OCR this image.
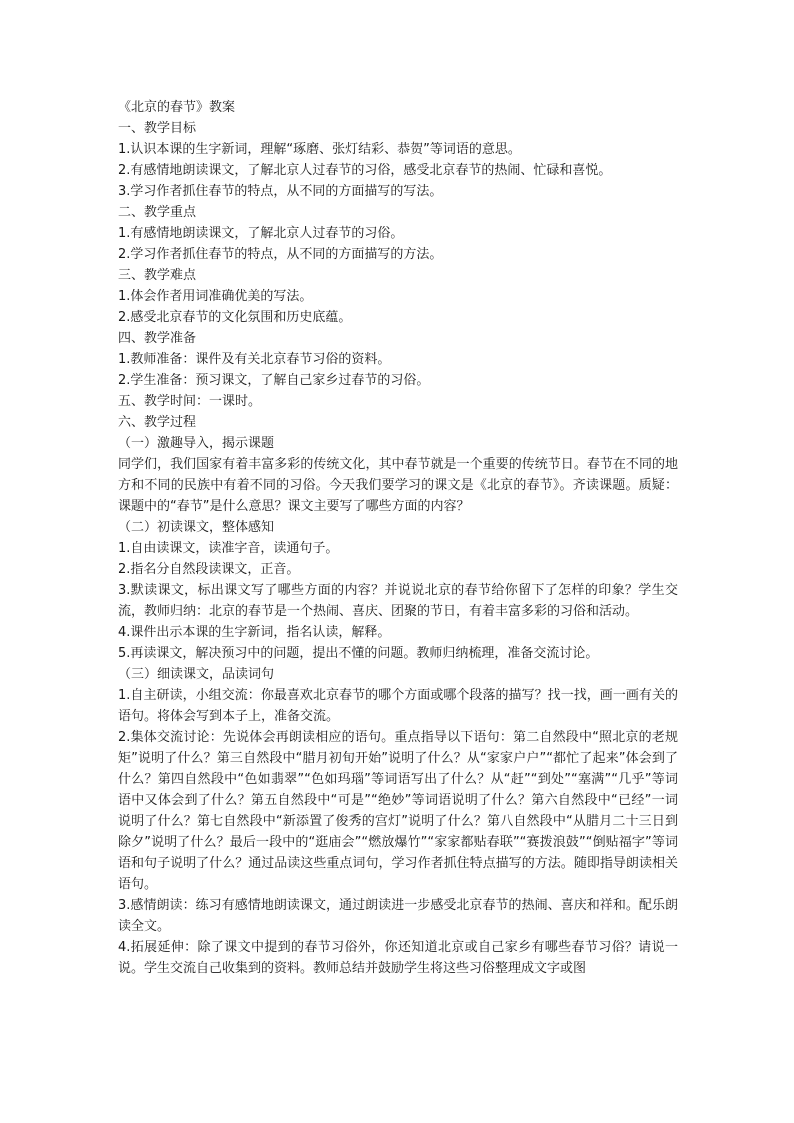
《北京的春节》教案
一、教学目标
1.认识本课的生字新词，理解“琢磨、张灯结彩、恭贺”等词语的意思。
2.有感情地朗读课文，了解北京人过春节的习俗，感受北京春节的热闹、忙碌和喜悦。
3.学习作者抓住春节的特点，从不同的方面描写的写法。
二、教学重点
1.有感情地朗读课文，了解北京人过春节的习俗。
2.学习作者抓住春节的特点，从不同的方面描写的方法。
三、教学难点
1.体会作者用词准确优美的写法。
2.感受北京春节的文化氛围和历史底蕴。
四、教学准备
1.教师准备：课件及有关北京春节习俗的资料。
2.学生准备：预习课文，了解自己家乡过春节的习俗。
五、教学时间：一课时。
六、教学过程
（一）激趣导入，揭示课题
同学们，我们国家有着丰富多彩的传统文化，其中春节就是一个重要的传统节日。春节在不同的地方和不同的民族中有着不同的习俗。今天我们要学习的课文是《北京的春节》。齐读课题。质疑：课题中的“春节”是什么意思？课文主要写了哪些方面的内容？
（二）初读课文，整体感知
1.自由读课文，读准字音，读通句子。
2.指名分自然段读课文，正音。
3.默读课文，标出课文写了哪些方面的内容？并说说北京的春节给你留下了怎样的印象？学生交流，教师归纳：北京的春节是一个热闹、喜庆、团聚的节日，有着丰富多彩的习俗和活动。
4.课件出示本课的生字新词，指名认读，解释。
5.再读课文，解决预习中的问题，提出不懂的问题。教师归纳梳理，准备交流讨论。
（三）细读课文，品读词句
1.自主研读，小组交流：你最喜欢北京春节的哪个方面或哪个段落的描写？找一找，画一画有关的语句。将体会写到本子上，准备交流。
2.集体交流讨论：先说体会再朗读相应的语句。重点指导以下语句：第二自然段中“照北京的老规矩”说明了什么？第三自然段中“腊月初旬开始”说明了什么？从“家家户户”“都忙了起来”体会到了什么？第四自然段中“色如翡翠”“色如玛瑙”等词语写出了什么？从“赶”“到处”“塞满”“几乎”等词语中又体会到了什么？第五自然段中“可是”“绝妙”等词语说明了什么？第六自然段中“已经”一词说明了什么？第七自然段中“新添置了俊秀的宫灯”说明了什么？第八自然段中“从腊月二十三日到除夕”说明了什么？最后一段中的“逛庙会”“燃放爆竹”“家家都贴春联”“赛拨浪鼓”“倒贴福字”等词语和句子说明了什么？通过品读这些重点词句，学习作者抓住特点描写的方法。随即指导朗读相关语句。
3.感情朗读：练习有感情地朗读课文，通过朗读进一步感受北京春节的热闹、喜庆和祥和。配乐朗读全文。
4.拓展延伸：除了课文中提到的春节习俗外，你还知道北京或自己家乡有哪些春节习俗？请说一说。学生交流自己收集到的资料。教师总结并鼓励学生将这些习俗整理成文字或图
